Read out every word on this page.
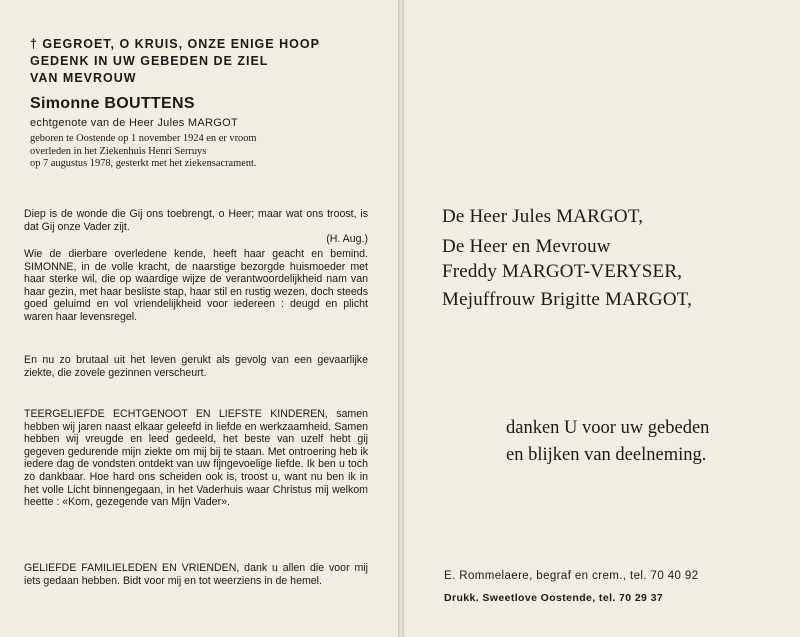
† GEGROET, O KRUIS, ONZE ENIGE HOOP
GEDENK IN UW GEBEDEN DE ZIEL
VAN MEVROUW
Simonne BOUTTENS
echtgenote van de Heer Jules MARGOT
geboren te Oostende op 1 november 1924 en er vroom
overleden in het Ziekenhuis Henri Serruys
op 7 augustus 1978, gesterkt met het ziekensacrament.
Diep is de wonde die Gij ons toebrengt, o Heer; maar wat ons troost, is dat Gij onze Vader zijt.
(H. Aug.)
Wie de dierbare overledene kende, heeft haar geacht en bemind. SIMONNE, in de volle kracht, de naarstige bezorgde huismoeder met haar sterke wil, die op waardige wijze de verantwoordelijkheid nam van haar gezin, met haar besliste stap, haar stil en rustig wezen, doch steeds goed geluimd en vol vriendelijkheid voor iedereen : deugd en plicht waren haar levensregel.
En nu zo brutaal uit het leven gerukt als gevolg van een gevaarlijke ziekte, die zovele gezinnen verscheurt.
TEERGELIEFDE ECHTGENOOT EN LIEFSTE KINDEREN, samen hebben wij jaren naast elkaar geleefd in liefde en werkzaamheid. Samen hebben wij vreugde en leed gedeeld, het beste van uzelf hebt gij gegeven gedurende mijn ziekte om mij bij te staan. Met ontroering heb ik iedere dag de vondsten ontdekt van uw fijngevoelige liefde. Ik ben u toch zo dankbaar. Hoe hard ons scheiden ook is, troost u, want nu ben ik in het volle Licht binnengegaan, in het Vaderhuis waar Christus mij welkom heette : «Kom, gezegende van Mijn Vader».
GELIEFDE FAMILIELEDEN EN VRIENDEN, dank u allen die voor mij iets gedaan hebben. Bidt voor mij en tot weerziens in de hemel.
De Heer Jules MARGOT,
De Heer en Mevrouw
Freddy MARGOT-VERYSER,
Mejuffrouw Brigitte MARGOT,
danken U voor uw gebeden
en blijken van deelneming.
E. Rommelaere, begraf en crem., tel. 70 40 92
Drukk. Sweetlove Oostende, tel. 70 29 37
